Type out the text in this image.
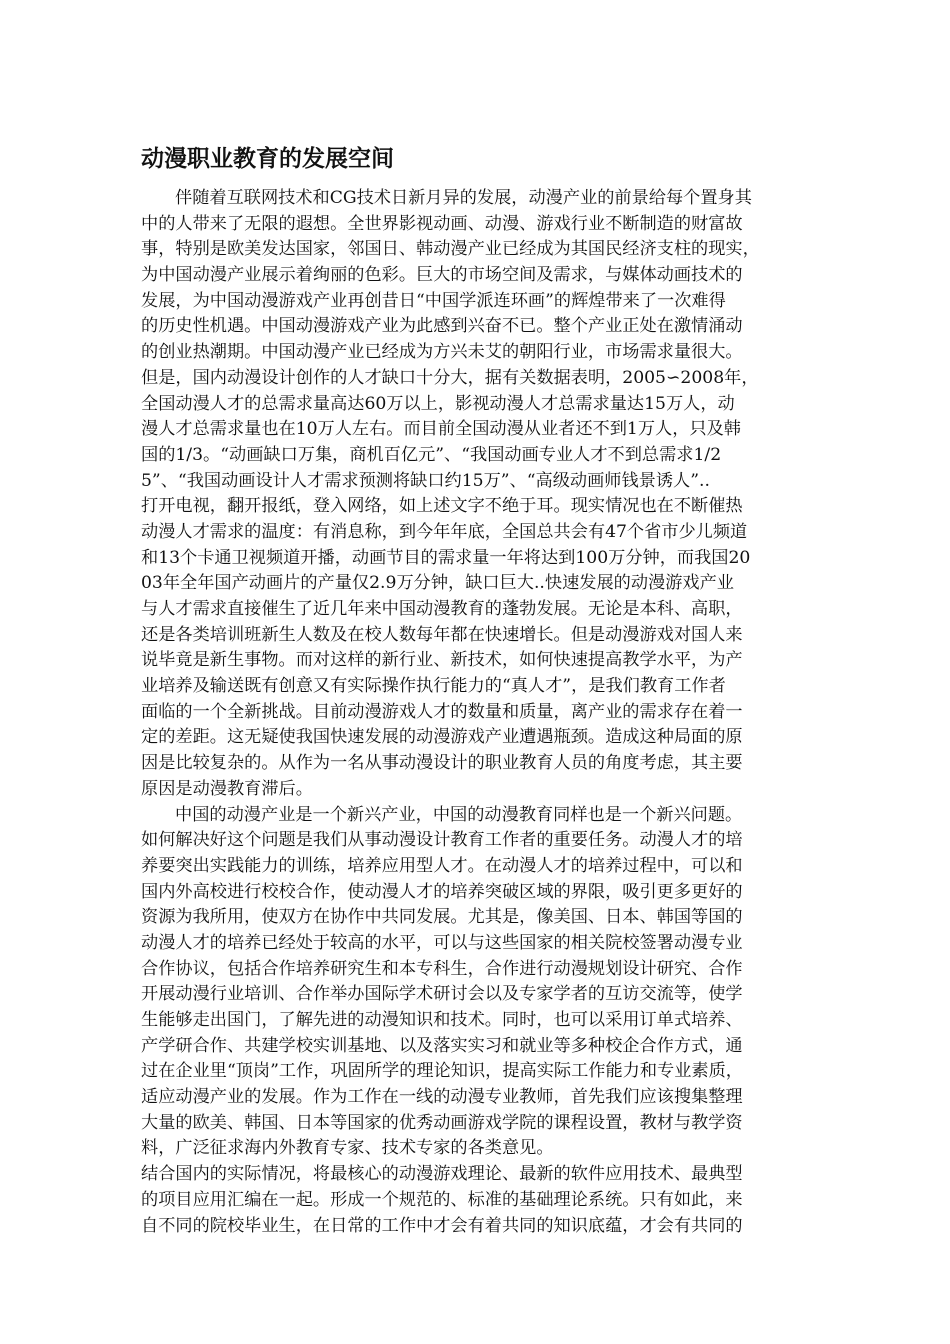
动漫职业教育的发展空间
伴随着互联网技术和CG技术日新月异的发展，动漫产业的前景给每个置身其
中的人带来了无限的遐想。全世界影视动画、动漫、游戏行业不断制造的财富故
事，特别是欧美发达国家，邻国日、韩动漫产业已经成为其国民经济支柱的现实，
为中国动漫产业展示着绚丽的色彩。巨大的市场空间及需求，与媒体动画技术的
发展，为中国动漫游戏产业再创昔日“中国学派连环画”的辉煌带来了一次难得
的历史性机遇。中国动漫游戏产业为此感到兴奋不已。整个产业正处在激情涌动
的创业热潮期。中国动漫产业已经成为方兴未艾的朝阳行业，市场需求量很大。
但是，国内动漫设计创作的人才缺口十分大，据有关数据表明，2005∽2008年，
全国动漫人才的总需求量高达60万以上，影视动漫人才总需求量达15万人，动
漫人才总需求量也在10万人左右。而目前全国动漫从业者还不到1万人，只及韩
国的1/3。“动画缺口万集，商机百亿元”、“我国动画专业人才不到总需求1/2
5”、“我国动画设计人才需求预测将缺口约15万”、“高级动画师钱景诱人”..
打开电视，翻开报纸，登入网络，如上述文字不绝于耳。现实情况也在不断催热
动漫人才需求的温度：有消息称，到今年年底，全国总共会有47个省市少儿频道
和13个卡通卫视频道开播，动画节目的需求量一年将达到100万分钟，而我国20
03年全年国产动画片的产量仅2.9万分钟，缺口巨大..快速发展的动漫游戏产业
与人才需求直接催生了近几年来中国动漫教育的蓬勃发展。无论是本科、高职，
还是各类培训班新生人数及在校人数每年都在快速增长。但是动漫游戏对国人来
说毕竟是新生事物。而对这样的新行业、新技术，如何快速提高教学水平，为产
业培养及输送既有创意又有实际操作执行能力的“真人才”，是我们教育工作者
面临的一个全新挑战。目前动漫游戏人才的数量和质量，离产业的需求存在着一
定的差距。这无疑使我国快速发展的动漫游戏产业遭遇瓶颈。造成这种局面的原
因是比较复杂的。从作为一名从事动漫设计的职业教育人员的角度考虑，其主要
原因是动漫教育滞后。
中国的动漫产业是一个新兴产业，中国的动漫教育同样也是一个新兴问题。
如何解决好这个问题是我们从事动漫设计教育工作者的重要任务。动漫人才的培
养要突出实践能力的训练，培养应用型人才。在动漫人才的培养过程中，可以和
国内外高校进行校校合作，使动漫人才的培养突破区域的界限，吸引更多更好的
资源为我所用，使双方在协作中共同发展。尤其是，像美国、日本、韩国等国的
动漫人才的培养已经处于较高的水平，可以与这些国家的相关院校签署动漫专业
合作协议，包括合作培养研究生和本专科生，合作进行动漫规划设计研究、合作
开展动漫行业培训、合作举办国际学术研讨会以及专家学者的互访交流等，使学
生能够走出国门，了解先进的动漫知识和技术。同时，也可以采用订单式培养、
产学研合作、共建学校实训基地、以及落实实习和就业等多种校企合作方式，通
过在企业里“顶岗”工作，巩固所学的理论知识，提高实际工作能力和专业素质，
适应动漫产业的发展。作为工作在一线的动漫专业教师，首先我们应该搜集整理
大量的欧美、韩国、日本等国家的优秀动画游戏学院的课程设置，教材与教学资
料，广泛征求海内外教育专家、技术专家的各类意见。
结合国内的实际情况，将最核心的动漫游戏理论、最新的软件应用技术、最典型
的项目应用汇编在一起。形成一个规范的、标准的基础理论系统。只有如此，来
自不同的院校毕业生，在日常的工作中才会有着共同的知识底蕴，才会有共同的
